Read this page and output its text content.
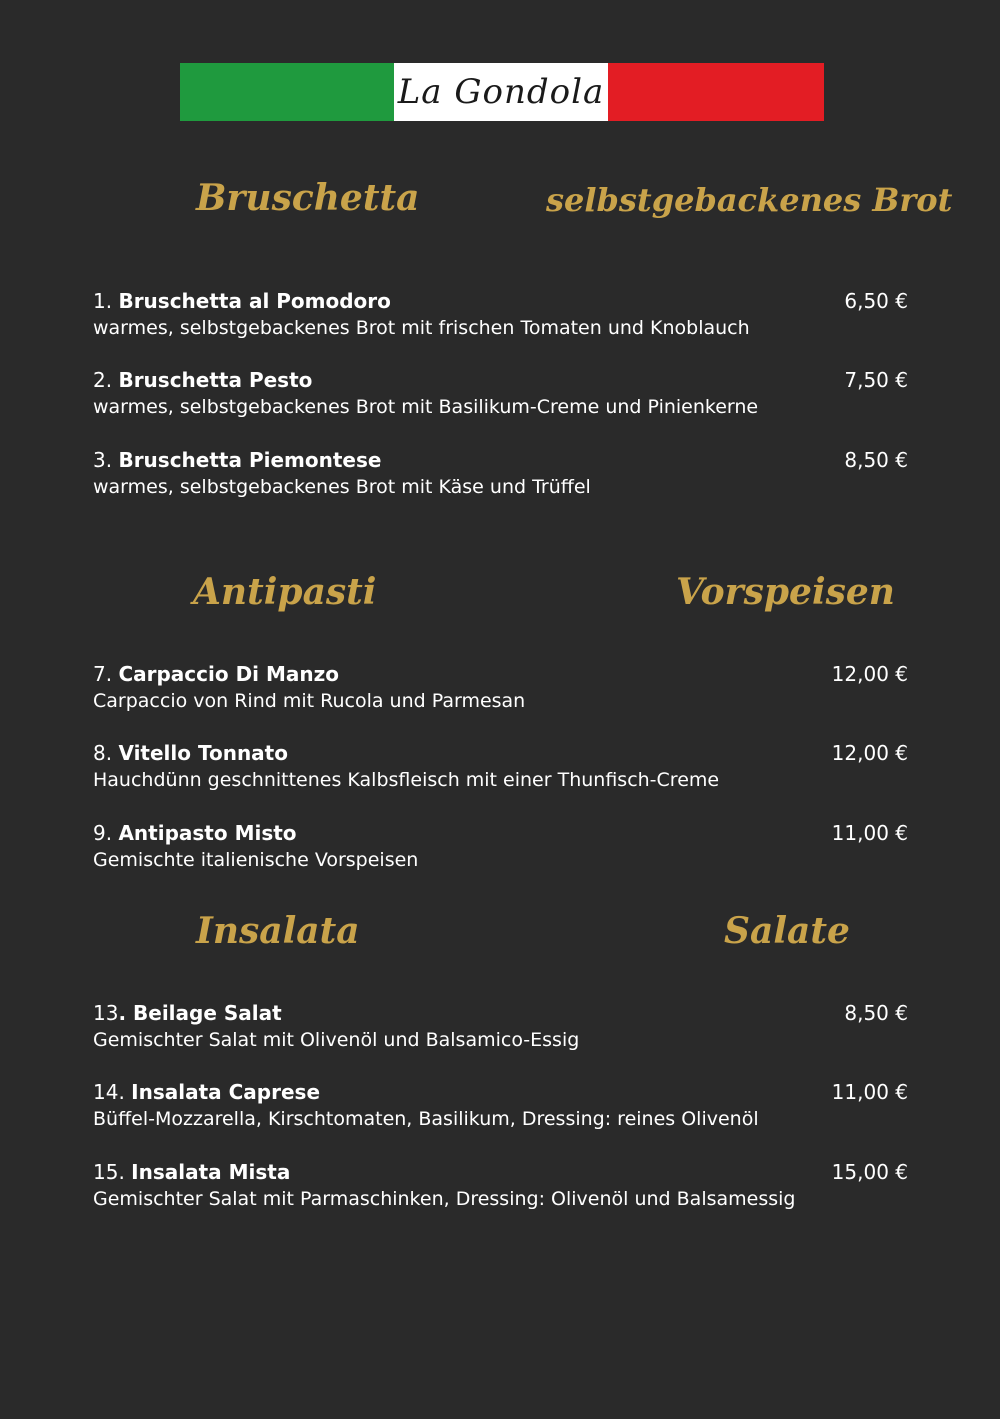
La Gondola
Bruschetta	selbstgebackenes Brot
1. Bruschetta al Pomodoro	6,50 €
warmes, selbstgebackenes Brot mit frischen Tomaten und Knoblauch
2. Bruschetta Pesto	7,50 €
warmes, selbstgebackenes Brot mit Basilikum-Creme und Pinienkerne
3. Bruschetta Piemontese	8,50 €
warmes, selbstgebackenes Brot mit Käse und Trüffel
Antipasti	Vorspeisen
7. Carpaccio Di Manzo	12,00 €
Carpaccio von Rind mit Rucola und Parmesan
8. Vitello Tonnato	12,00 €
Hauchdünn geschnittenes Kalbsfleisch mit einer Thunfisch-Creme
9. Antipasto Misto	11,00 €
Gemischte italienische Vorspeisen
Insalata	Salate
13. Beilage Salat	8,50 €
Gemischter Salat mit Olivenöl und Balsamico-Essig
14. Insalata Caprese	11,00 €
Büffel-Mozzarella, Kirschtomaten, Basilikum, Dressing: reines Olivenöl
15. Insalata Mista	15,00 €
Gemischter Salat mit Parmaschinken, Dressing: Olivenöl und Balsamessig
